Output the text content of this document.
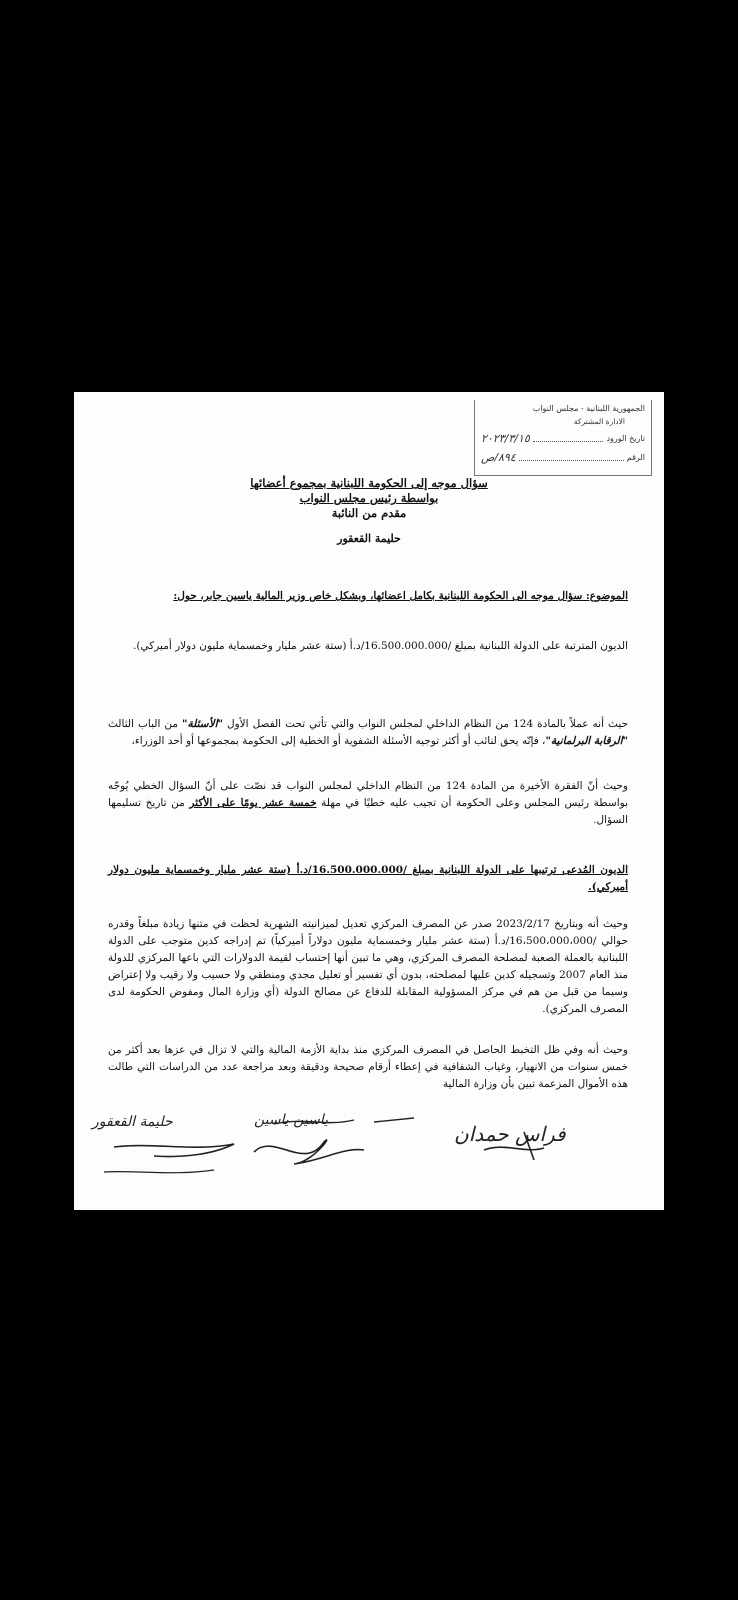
الجمهورية اللبنانية - مجلس النواب
الادارة المشتركة
تاريخ الورود
٢٠٢٣/٣/١٥
الرقم
٨٩٤/ص
سؤال موجه إلى الحكومة اللبنانية بمجموع أعضائها
بواسطة رئيس مجلس النواب
مقدم من النائبة
حليمة القعقور
الموضوع: سؤال موجه الى الحكومة اللبنانية بكامل اعضائها، وبشكل خاص وزير المالية ياسين جابر، حول:
الديون المترتبة على الدولة اللبنانية بمبلغ /16.500.000.000/د.أ (ستة عشر مليار وخمسماية مليون دولار أميركي).
حيث أنه عملاً بالمادة 124 من النظام الداخلي لمجلس النواب والتي تأتي تحت الفصل الأول "الأسئلة" من الباب الثالث "الرقابة البرلمانية"، فإنّه يحق لنائب أو أكثر توجيه الأسئلة الشفوية أو الخطية إلى الحكومة بمجموعها أو أحد الوزراء،
وحيث أنّ الفقرة الأخيرة من المادة 124 من النظام الداخلي لمجلس النواب قد نصّت على أنّ السؤال الخطي يُوجّه بواسطة رئيس المجلس وعلى الحكومة أن تجيب عليه خطيًا في مهلة خمسة عشر يومًا على الأكثر من تاريخ تسليمها السؤال.
الديون المُدعى ترتيبها على الدولة اللبنانية بمبلغ /16.500.000.000/د.أ (ستة عشر مليار وخمسماية مليون دولار أميركي).
وحيث أنه وبتاريخ 2023/2/17 صدر عن المصرف المركزي تعديل لميزانيته الشهرية لحظت في متنها زيادة مبلغاً وقدره حوالي /16،500،000،000/د.أ (ستة عشر مليار وخمسماية مليون دولاراً أميركياً) تم إدراجه كدين متوجب على الدولة اللبنانية بالعملة الصعبة لمصلحة المصرف المركزي، وهي ما تبين أنها إحتساب لقيمة الدولارات التي باعها المركزي للدولة منذ العام 2007 وتسجيله كدين عليها لمصلحته، بدون أي تفسير أو تعليل مجدي ومنطقي ولا حسيب ولا رقيب ولا إعتراض وسيما من قبل من هم في مركز المسؤولية المقابلة للدفاع عن مصالح الدولة (أي وزارة المال ومفوض الحكومة لدى المصرف المركزي).
وحيث أنه وفي ظل التخبط الحاصل في المصرف المركزي منذ بداية الأزمة المالية والتي لا تزال في عزها بعد أكثر من خمس سنوات من الانهيار، وغياب الشفافية في إعطاء أرقام صحيحة ودقيقة وبعد مراجعة عدد من الدراسات التي طالت هذه الأموال المزعمة تبين بأن وزارة المالية
حليمة القعقور	فراس حمدان
ياسين ياسين
